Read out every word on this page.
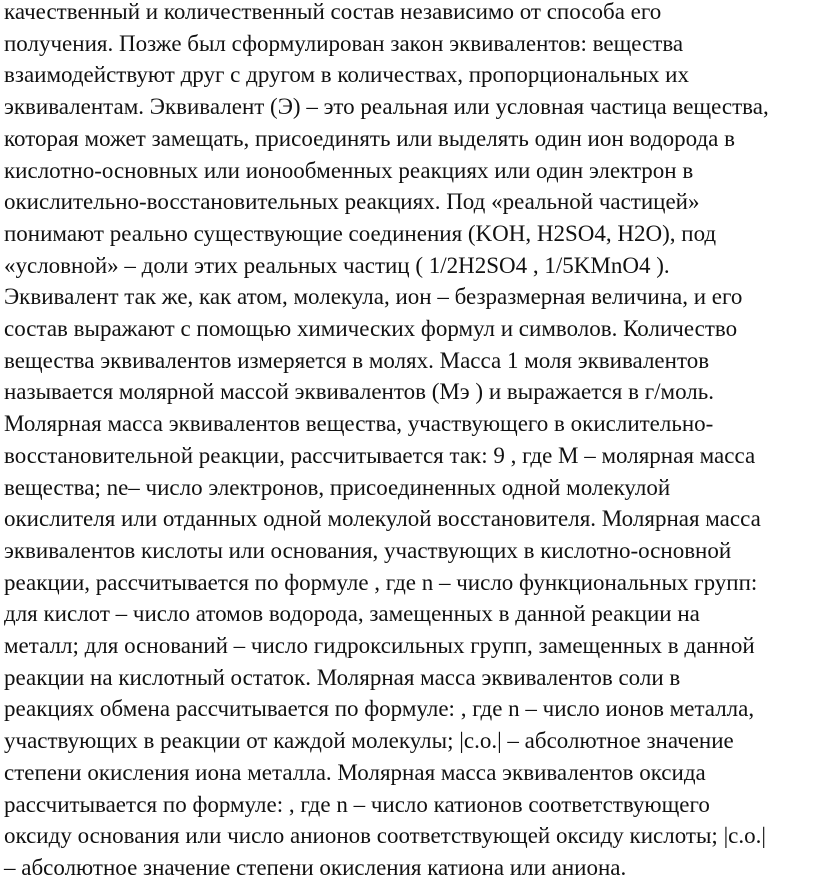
качественный и количественный состав независимо от способа его
получения. Позже был сформулирован закон эквивалентов: вещества
взаимодействуют друг с другом в количествах, пропорциональных их
эквивалентам. Эквивалент (Э) – это реальная или условная частица вещества,
которая может замещать, присоединять или выделять один ион водорода в
кислотно-основных или ионообменных реакциях или один электрон в
окислительно-восстановительных реакциях. Под «реальной частицей»
понимают реально существующие соединения (KOH, H2SO4, H2O), под
«условной» – доли этих реальных частиц ( 1/2H2SO4 , 1/5KMnO4 ).
Эквивалент так же, как атом, молекула, ион – безразмерная величина, и его
состав выражают с помощью химических формул и символов. Количество
вещества эквивалентов измеряется в молях. Масса 1 моля эквивалентов
называется молярной массой эквивалентов (Мэ ) и выражается в г/моль.
Молярная масса эквивалентов вещества, участвующего в окислительно-
восстановительной реакции, рассчитывается так: 9 , где M – молярная масса
вещества; ne– число электронов, присоединенных одной молекулой
окислителя или отданных одной молекулой восстановителя. Молярная масса
эквивалентов кислоты или основания, участвующих в кислотно-основной
реакции, рассчитывается по формуле , где n – число функциональных групп:
для кислот – число атомов водорода, замещенных в данной реакции на
металл; для оснований – число гидроксильных групп, замещенных в данной
реакции на кислотный остаток. Молярная масса эквивалентов соли в
реакциях обмена рассчитывается по формуле: , где n – число ионов металла,
участвующих в реакции от каждой молекулы; |с.о.| – абсолютное значение
степени окисления иона металла. Молярная масса эквивалентов оксида
рассчитывается по формуле: , где n – число катионов соответствующего
оксиду основания или число анионов соответствующей оксиду кислоты; |с.о.|
– абсолютное значение степени окисления катиона или аниона.
